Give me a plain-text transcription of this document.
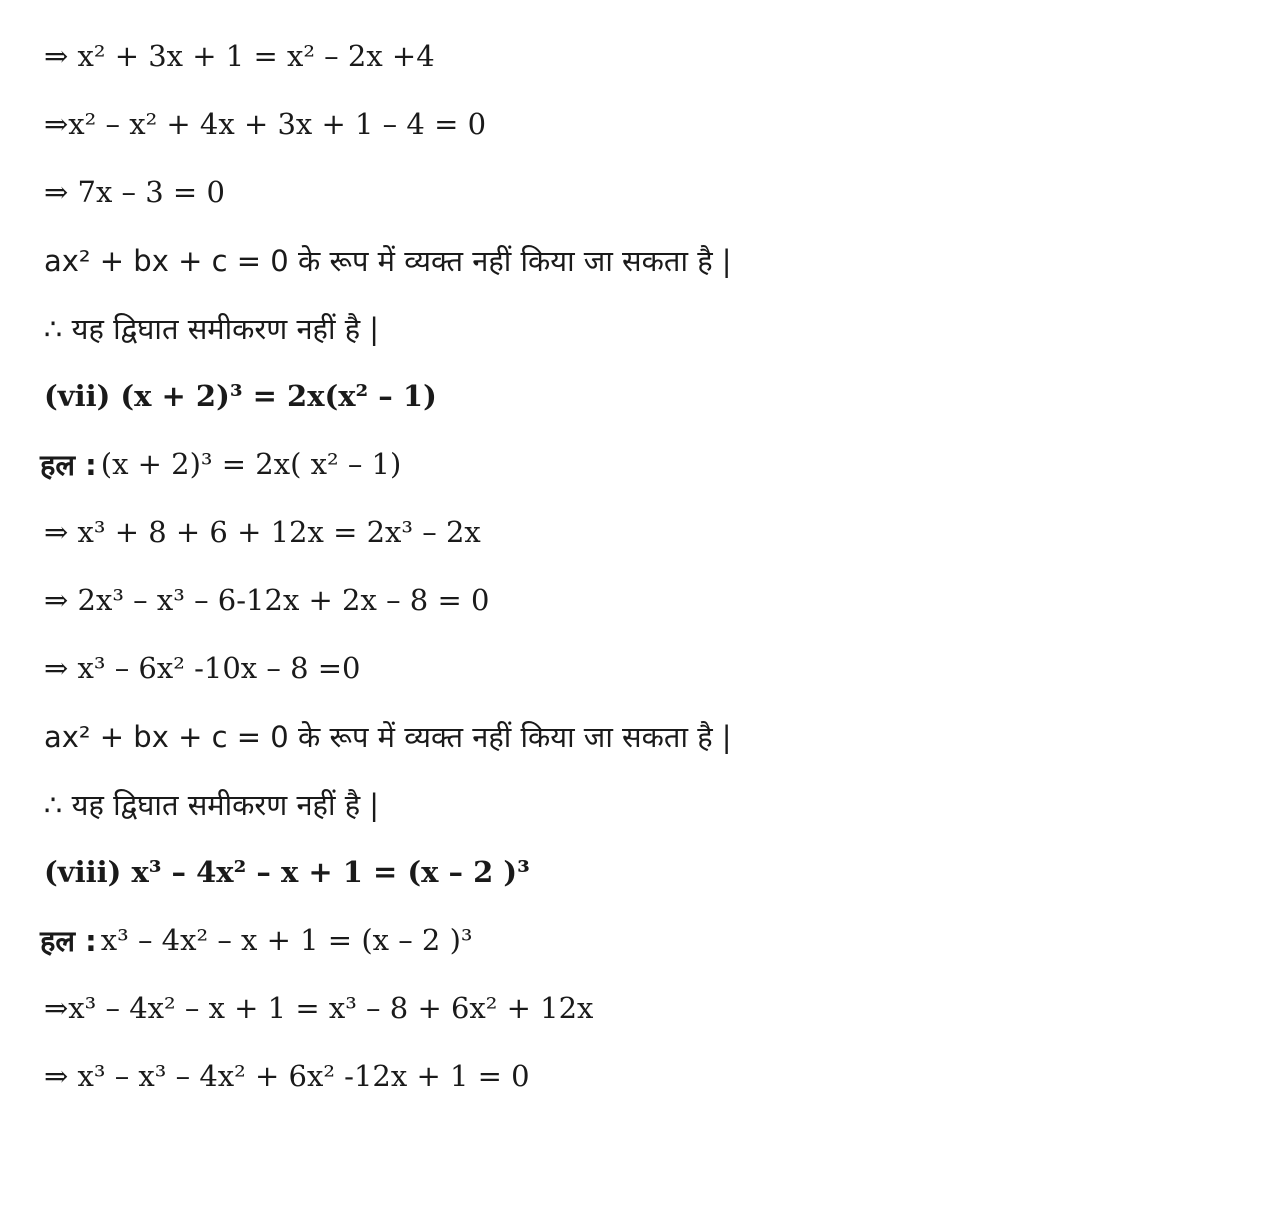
⇒ x² + 3x + 1 = x² – 2x +4
⇒x² – x² + 4x + 3x + 1 – 4 = 0
⇒ 7x – 3 = 0
ax² + bx + c = 0 के रूप में व्यक्त नहीं किया जा सकता है |
∴ यह द्विघात समीकरण नहीं है |
(vii) (x + 2)³ = 2x(x² – 1)
हल : (x + 2)³ = 2x( x² – 1)
⇒ x³ + 8 + 6 + 12x = 2x³ – 2x
⇒ 2x³ – x³ – 6-12x + 2x – 8 = 0
⇒ x³ – 6x² -10x – 8 =0
ax² + bx + c = 0 के रूप में व्यक्त नहीं किया जा सकता है |
∴ यह द्विघात समीकरण नहीं है |
(viii) x³ – 4x² – x + 1 = (x – 2 )³
हल : x³ – 4x² – x + 1 = (x – 2 )³
⇒x³ – 4x² – x + 1 = x³ – 8 + 6x² + 12x
⇒ x³ – x³ – 4x² + 6x² -12x + 1 = 0
